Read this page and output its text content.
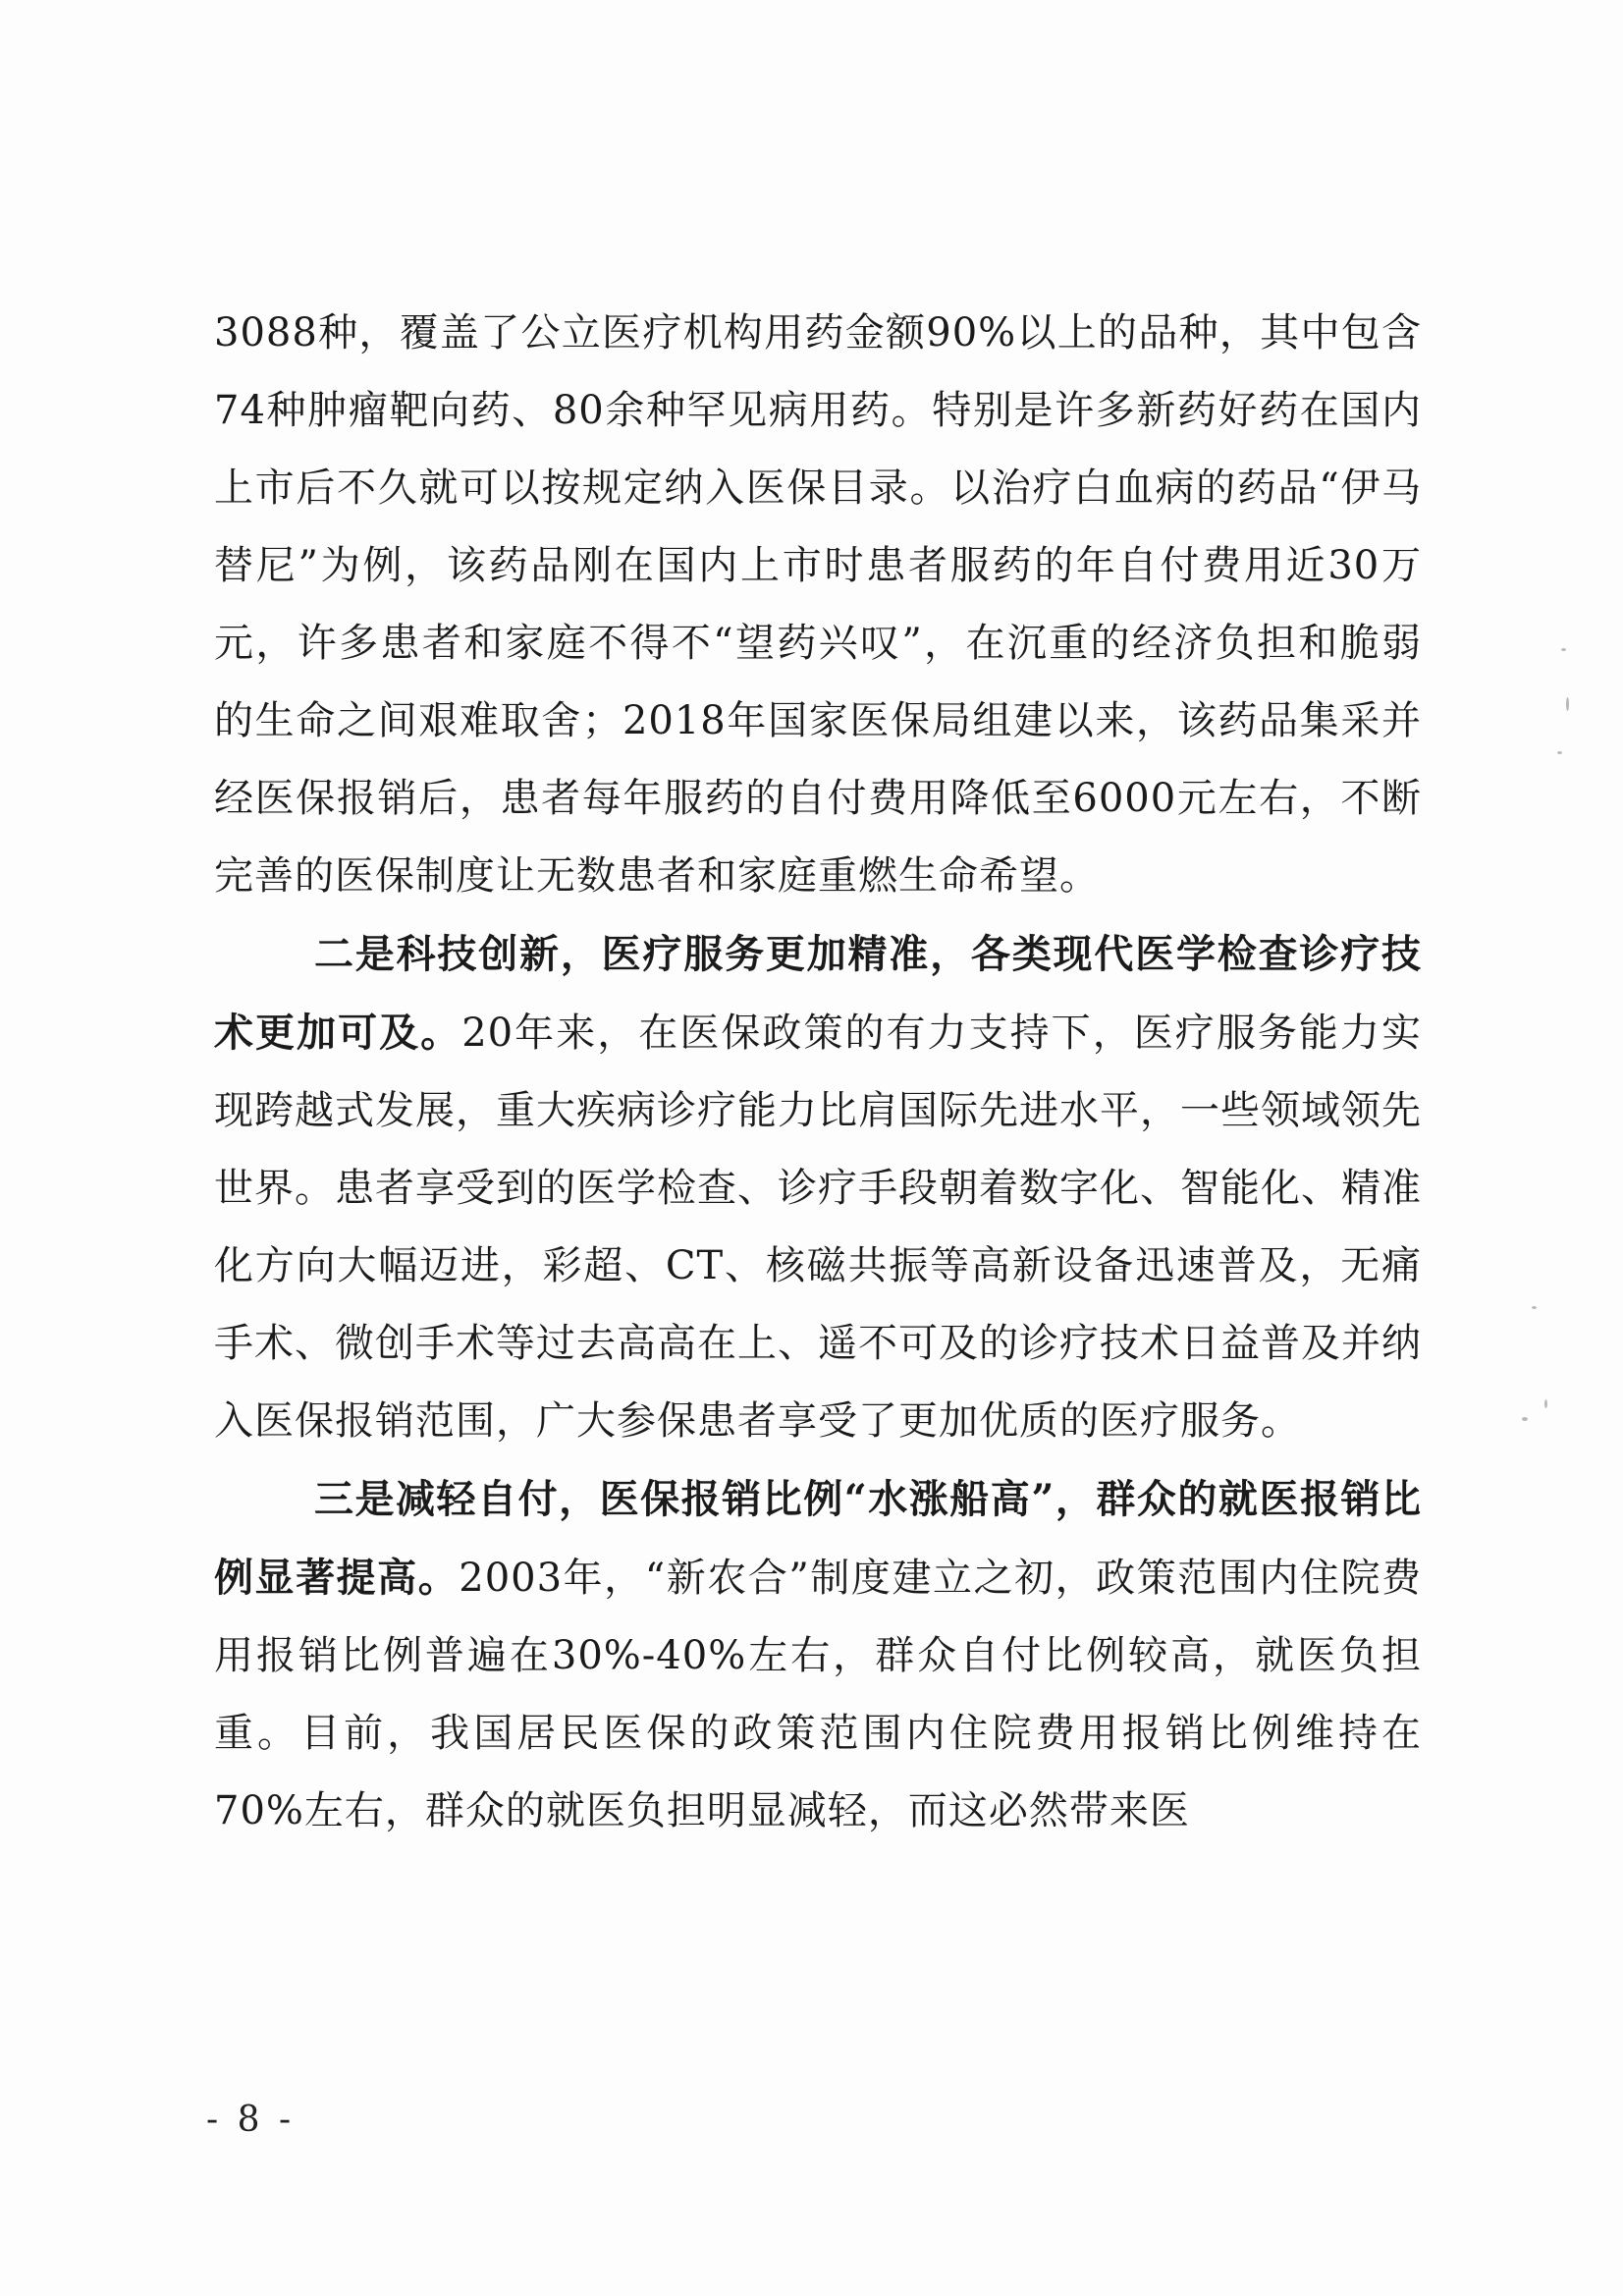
3088种，覆盖了公立医疗机构用药金额90%以上的品种，其中包含74种肿瘤靶向药、80余种罕见病用药。特别是许多新药好药在国内上市后不久就可以按规定纳入医保目录。以治疗白血病的药品“伊马替尼”为例，该药品刚在国内上市时患者服药的年自付费用近30万元，许多患者和家庭不得不“望药兴叹”，在沉重的经济负担和脆弱的生命之间艰难取舍；2018年国家医保局组建以来，该药品集采并经医保报销后，患者每年服药的自付费用降低至6000元左右，不断完善的医保制度让无数患者和家庭重燃生命希望。

二是科技创新，医疗服务更加精准，各类现代医学检查诊疗技术更加可及。20年来，在医保政策的有力支持下，医疗服务能力实现跨越式发展，重大疾病诊疗能力比肩国际先进水平，一些领域领先世界。患者享受到的医学检查、诊疗手段朝着数字化、智能化、精准化方向大幅迈进，彩超、CT、核磁共振等高新设备迅速普及，无痛手术、微创手术等过去高高在上、遥不可及的诊疗技术日益普及并纳入医保报销范围，广大参保患者享受了更加优质的医疗服务。

三是减轻自付，医保报销比例“水涨船高”，群众的就医报销比例显著提高。2003年，“新农合”制度建立之初，政策范围内住院费用报销比例普遍在30%-40%左右，群众自付比例较高，就医负担重。目前，我国居民医保的政策范围内住院费用报销比例维持在70%左右，群众的就医负担明显减轻，而这必然带来医

- 8 -
